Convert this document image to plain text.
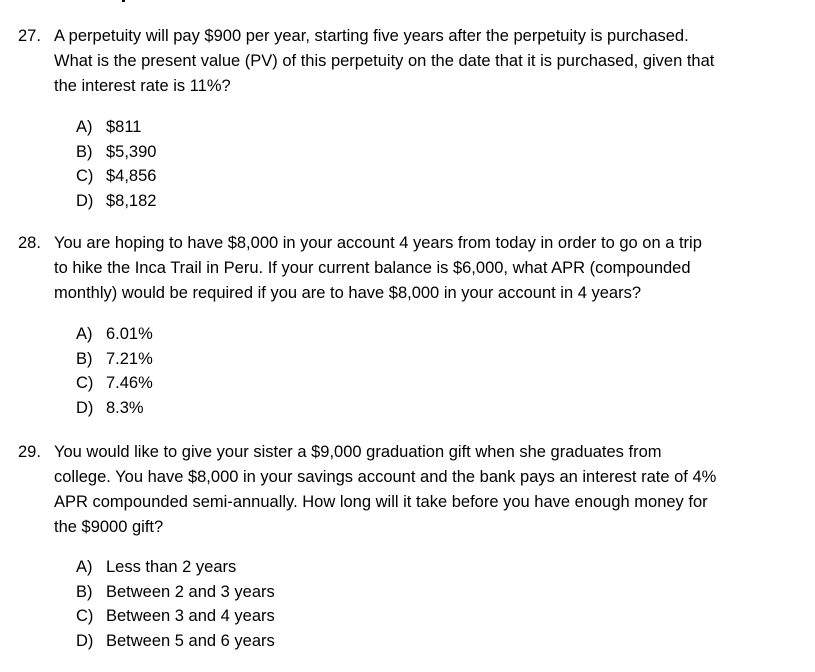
27. A perpetuity will pay $900 per year, starting five years after the perpetuity is purchased.
What is the present value (PV) of this perpetuity on the date that it is purchased, given that
the interest rate is 11%?
A) $811
B) $5,390
C) $4,856
D) $8,182
28. You are hoping to have $8,000 in your account 4 years from today in order to go on a trip
to hike the Inca Trail in Peru. If your current balance is $6,000, what APR (compounded
monthly) would be required if you are to have $8,000 in your account in 4 years?
A) 6.01%
B) 7.21%
C) 7.46%
D) 8.3%
29. You would like to give your sister a $9,000 graduation gift when she graduates from
college. You have $8,000 in your savings account and the bank pays an interest rate of 4%
APR compounded semi-annually. How long will it take before you have enough money for
the $9000 gift?
A) Less than 2 years
B) Between 2 and 3 years
C) Between 3 and 4 years
D) Between 5 and 6 years
